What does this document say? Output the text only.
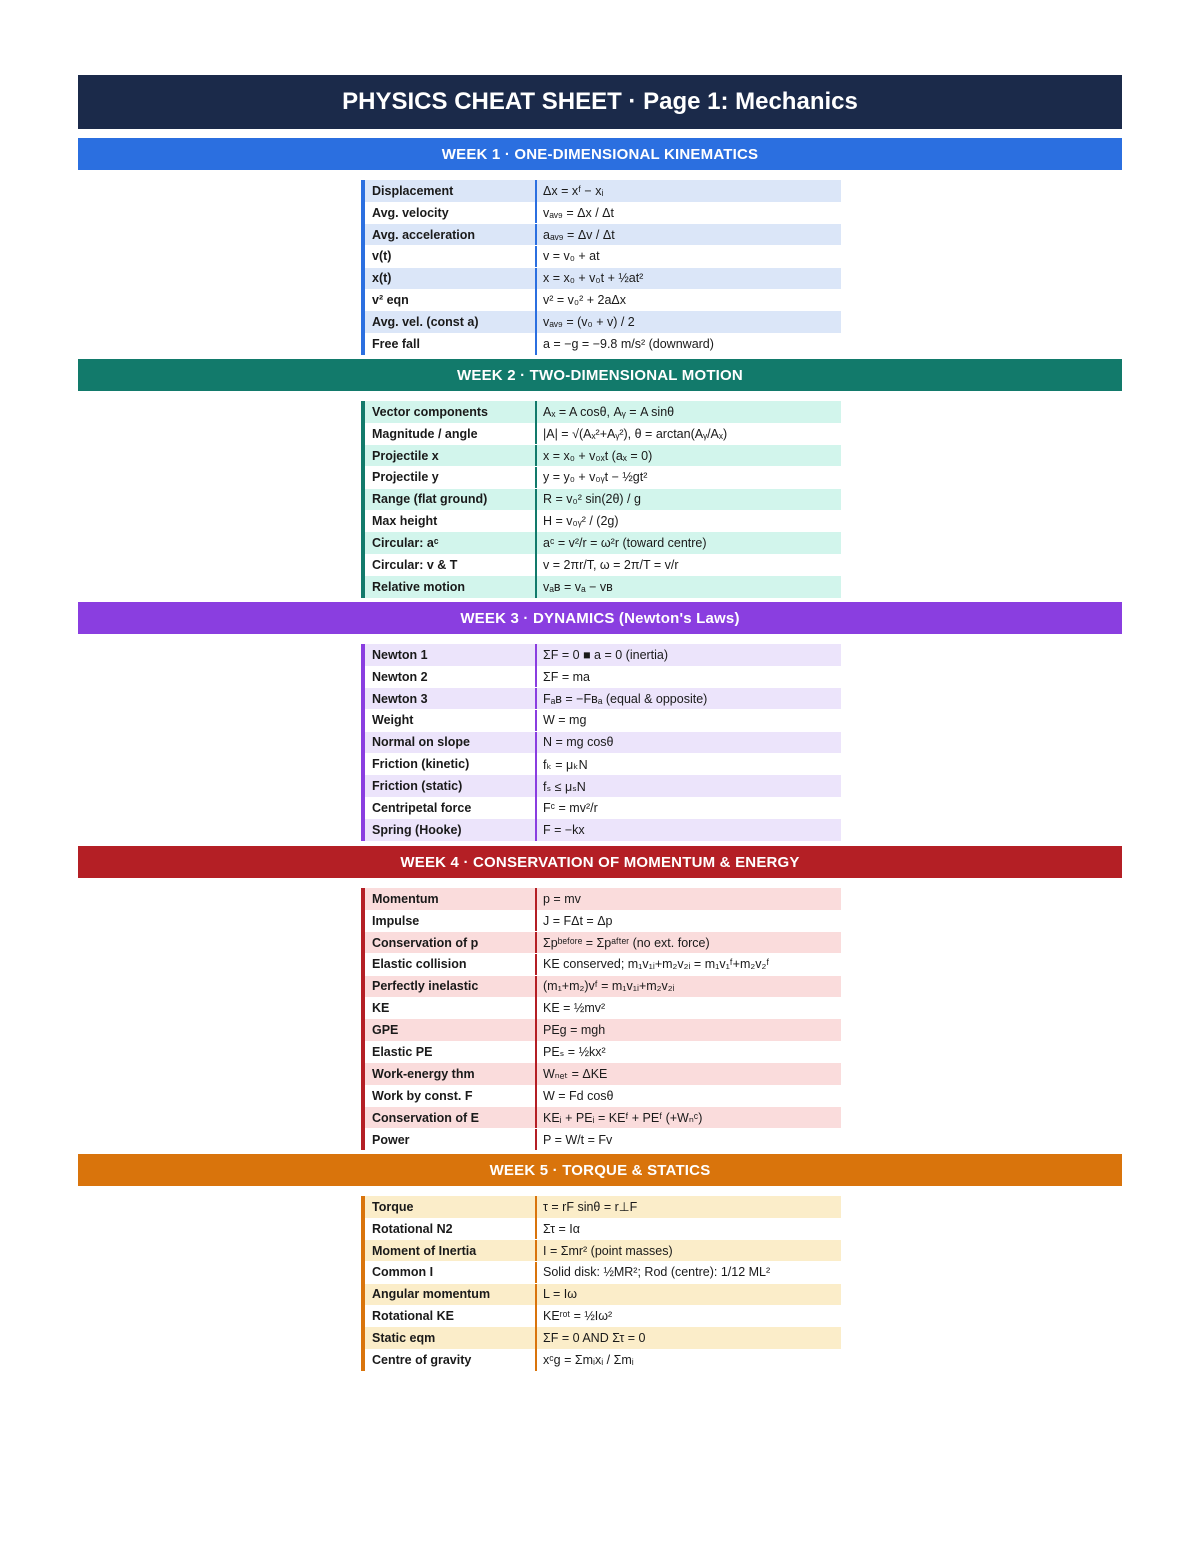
PHYSICS CHEAT SHEET · Page 1: Mechanics
WEEK 1 · ONE-DIMENSIONAL KINEMATICS
Displacement	Δx = xᶠ − xᵢ
Avg. velocity	vₐᵥ₉ = Δx / Δt
Avg. acceleration	aₐᵥ₉ = Δv / Δt
v(t)	v = v₀ + at
x(t)	x = x₀ + v₀t + ½at²
v² eqn	v² = v₀² + 2aΔx
Avg. vel. (const a)	vₐᵥ₉ = (v₀ + v) / 2
Free fall	a = −g = −9.8 m/s² (downward)
WEEK 2 · TWO-DIMENSIONAL MOTION
Vector components	Aₓ = A cosθ, Aᵧ = A sinθ
Magnitude / angle	|A| = √(Aₓ²+Aᵧ²), θ = arctan(Aᵧ/Aₓ)
Projectile x	x = x₀ + v₀ₓt (aₓ = 0)
Projectile y	y = y₀ + v₀ᵧt − ½gt²
Range (flat ground)	R = v₀² sin(2θ) / g
Max height	H = v₀ᵧ² / (2g)
Circular: aᶜ	aᶜ = v²/r = ω²r (toward centre)
Circular: v & T	v = 2πr/T, ω = 2π/T = v/r
Relative motion	vₐʙ = vₐ − vʙ
WEEK 3 · DYNAMICS (Newton's Laws)
Newton 1	ΣF = 0 ■ a = 0 (inertia)
Newton 2	ΣF = ma
Newton 3	Fₐʙ = −Fʙₐ (equal & opposite)
Weight	W = mg
Normal on slope	N = mg cosθ
Friction (kinetic)	fₖ = μₖN
Friction (static)	fₛ ≤ μₛN
Centripetal force	Fᶜ = mv²/r
Spring (Hooke)	F = −kx
WEEK 4 · CONSERVATION OF MOMENTUM & ENERGY
Momentum	p = mv
Impulse	J = FΔt = Δp
Conservation of p	Σpᵇᵉᶠᵒʳᵉ = Σpᵃᶠᵗᵉʳ (no ext. force)
Elastic collision	KE conserved; m₁v₁ᵢ+m₂v₂ᵢ = m₁v₁ᶠ+m₂v₂ᶠ
Perfectly inelastic	(m₁+m₂)vᶠ = m₁v₁ᵢ+m₂v₂ᵢ
KE	KE = ½mv²
GPE	PEɡ = mgh
Elastic PE	PEₛ = ½kx²
Work-energy thm	Wₙₑₜ = ΔKE
Work by const. F	W = Fd cosθ
Conservation of E	KEᵢ + PEᵢ = KEᶠ + PEᶠ (+Wₙᶜ)
Power	P = W/t = Fv
WEEK 5 · TORQUE & STATICS
Torque	τ = rF sinθ = r⊥F
Rotational N2	Στ = Iα
Moment of Inertia	I = Σmr² (point masses)
Common I	Solid disk: ½MR²; Rod (centre): 1/12 ML²
Angular momentum	L = Iω
Rotational KE	KEʳᵒᵗ = ½Iω²
Static eqm	ΣF = 0 AND Στ = 0
Centre of gravity	xᶜɡ = Σmᵢxᵢ / Σmᵢ
